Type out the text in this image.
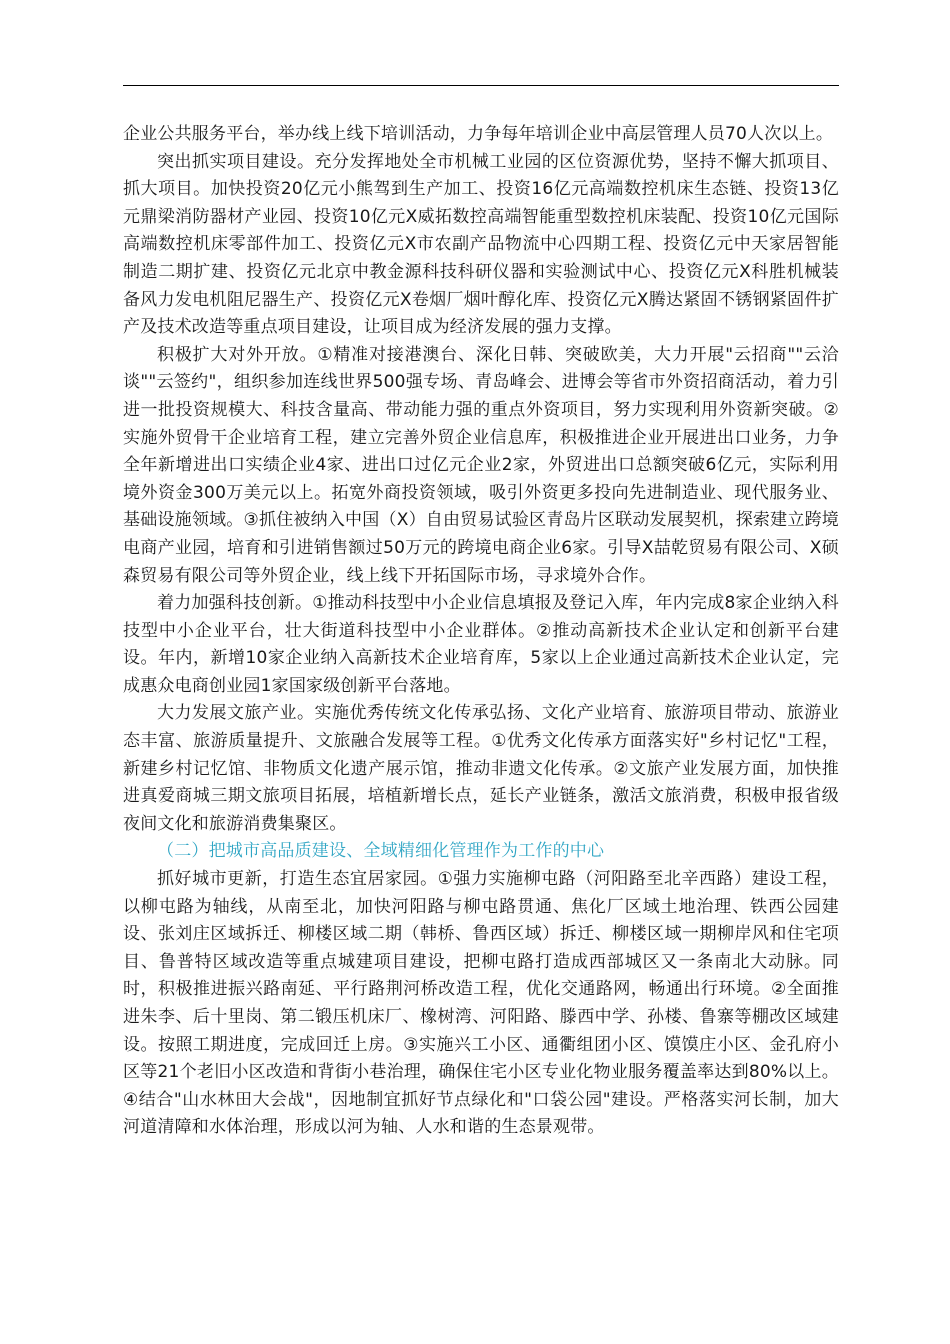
企业公共服务平台，举办线上线下培训活动，力争每年培训企业中高层管理人员70人次以上。

突出抓实项目建设。充分发挥地处全市机械工业园的区位资源优势，坚持不懈大抓项目、抓大项目。加快投资20亿元小熊驾到生产加工、投资16亿元高端数控机床生态链、投资13亿元鼎梁消防器材产业园、投资10亿元X威拓数控高端智能重型数控机床装配、投资10亿元国际高端数控机床零部件加工、投资亿元X市农副产品物流中心四期工程、投资亿元中天家居智能制造二期扩建、投资亿元北京中教金源科技科研仪器和实验测试中心、投资亿元X科胜机械装备风力发电机阻尼器生产、投资亿元X卷烟厂烟叶醇化库、投资亿元X腾达紧固不锈钢紧固件扩产及技术改造等重点项目建设，让项目成为经济发展的强力支撑。

积极扩大对外开放。①精准对接港澳台、深化日韩、突破欧美，大力开展"云招商""云洽谈""云签约"，组织参加连线世界500强专场、青岛峰会、进博会等省市外资招商活动，着力引进一批投资规模大、科技含量高、带动能力强的重点外资项目，努力实现利用外资新突破。②实施外贸骨干企业培育工程，建立完善外贸企业信息库，积极推进企业开展进出口业务，力争全年新增进出口实绩企业4家、进出口过亿元企业2家，外贸进出口总额突破6亿元，实际利用境外资金300万美元以上。拓宽外商投资领域，吸引外资更多投向先进制造业、现代服务业、基础设施领域。③抓住被纳入中国（X）自由贸易试验区青岛片区联动发展契机，探索建立跨境电商产业园，培育和引进销售额过50万元的跨境电商企业6家。引导X喆乾贸易有限公司、X硕森贸易有限公司等外贸企业，线上线下开拓国际市场，寻求境外合作。

着力加强科技创新。①推动科技型中小企业信息填报及登记入库，年内完成8家企业纳入科技型中小企业平台，壮大街道科技型中小企业群体。②推动高新技术企业认定和创新平台建设。年内，新增10家企业纳入高新技术企业培育库，5家以上企业通过高新技术企业认定，完成惠众电商创业园1家国家级创新平台落地。

大力发展文旅产业。实施优秀传统文化传承弘扬、文化产业培育、旅游项目带动、旅游业态丰富、旅游质量提升、文旅融合发展等工程。①优秀文化传承方面落实好"乡村记忆"工程，新建乡村记忆馆、非物质文化遗产展示馆，推动非遗文化传承。②文旅产业发展方面，加快推进真爱商城三期文旅项目拓展，培植新增长点，延长产业链条，激活文旅消费，积极申报省级夜间文化和旅游消费集聚区。

（二）把城市高品质建设、全域精细化管理作为工作的中心

抓好城市更新，打造生态宜居家园。①强力实施柳屯路（河阳路至北辛西路）建设工程，以柳屯路为轴线，从南至北，加快河阳路与柳屯路贯通、焦化厂区域土地治理、铁西公园建设、张刘庄区域拆迁、柳楼区域二期（韩桥、鲁西区域）拆迁、柳楼区域一期柳岸风和住宅项目、鲁普特区域改造等重点城建项目建设，把柳屯路打造成西部城区又一条南北大动脉。同时，积极推进振兴路南延、平行路荆河桥改造工程，优化交通路网，畅通出行环境。②全面推进朱李、后十里岗、第二锻压机床厂、橡树湾、河阳路、滕西中学、孙楼、鲁寨等棚改区域建设。按照工期进度，完成回迁上房。③实施兴工小区、通衢组团小区、馍馍庄小区、金孔府小区等21个老旧小区改造和背街小巷治理，确保住宅小区专业化物业服务覆盖率达到80%以上。④结合"山水林田大会战"，因地制宜抓好节点绿化和"口袋公园"建设。严格落实河长制，加大河道清障和水体治理，形成以河为轴、人水和谐的生态景观带。
